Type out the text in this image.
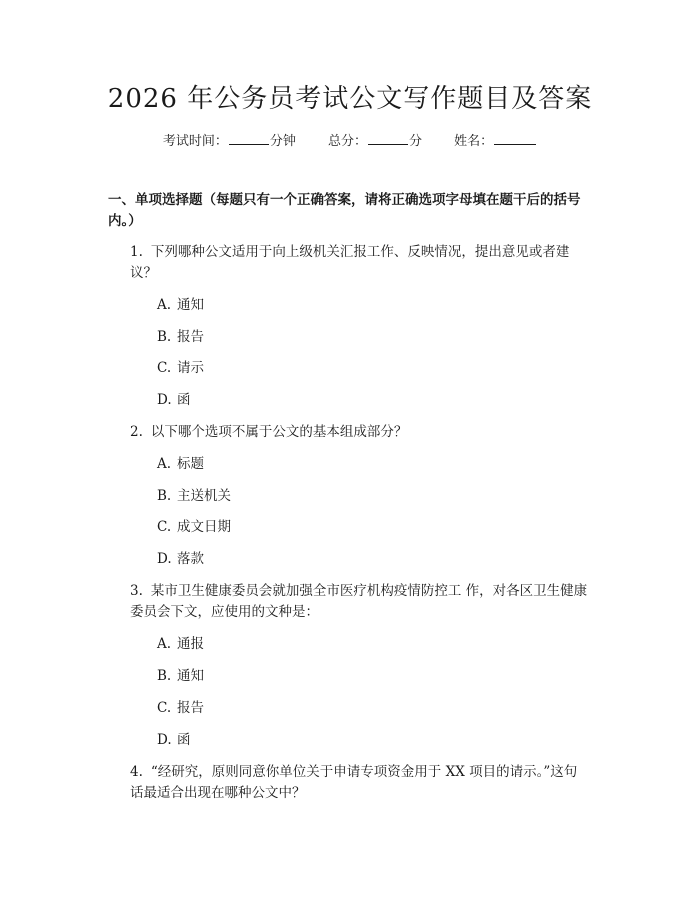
2026 年公务员考试公文写作题目及答案
考试时间：	分钟 总分：	分 姓名：
一、单项选择题（每题只有一个正确答案，请将正确选项字母填在题干后的括号内。）
1. 下列哪种公文适用于向上级机关汇报工作、反映情况，提出意见或者建议？
A. 通知
B. 报告
C. 请示
D. 函
2. 以下哪个选项不属于公文的基本组成部分？
A. 标题
B. 主送机关
C. 成文日期
D. 落款
3. 某市卫生健康委员会就加强全市医疗机构疫情防控工 作，对各区卫生健康委员会下文，应使用的文种是：
A. 通报
B. 通知
C. 报告
D. 函
4. “经研究，原则同意你单位关于申请专项资金用于 XX 项目的请示。”这句话最适合出现在哪种公文中？
